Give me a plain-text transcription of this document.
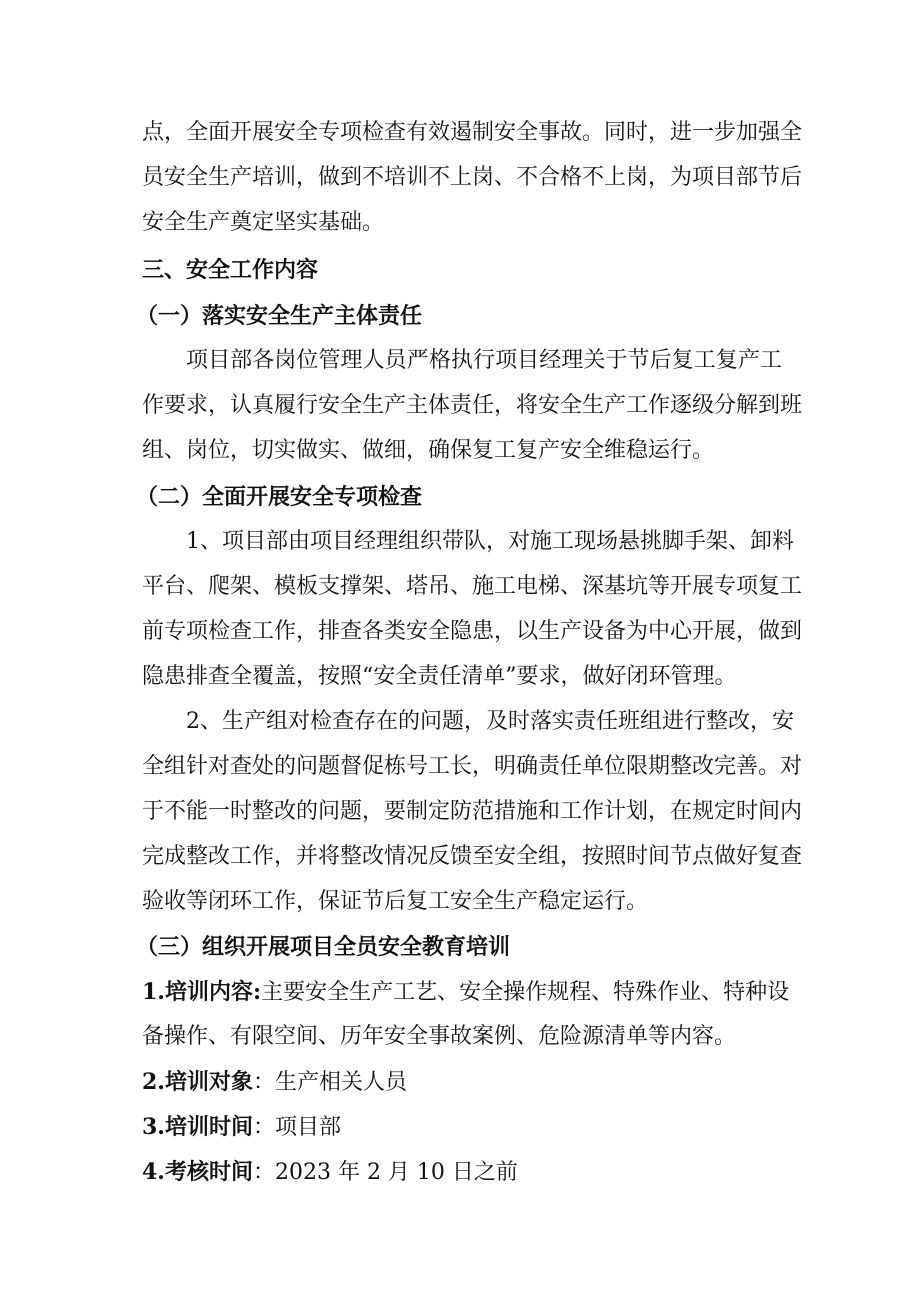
点，全面开展安全专项检查有效遏制安全事故。同时，进一步加强全
员安全生产培训，做到不培训不上岗、不合格不上岗，为项目部节后
安全生产奠定坚实基础。
三、安全工作内容
（一）落实安全生产主体责任
项目部各岗位管理人员严格执行项目经理关于节后复工复产工
作要求，认真履行安全生产主体责任，将安全生产工作逐级分解到班
组、岗位，切实做实、做细，确保复工复产安全维稳运行。
（二）全面开展安全专项检查
1、项目部由项目经理组织带队，对施工现场悬挑脚手架、卸料
平台、爬架、模板支撑架、塔吊、施工电梯、深基坑等开展专项复工
前专项检查工作，排查各类安全隐患，以生产设备为中心开展，做到
隐患排查全覆盖，按照“安全责任清单”要求，做好闭环管理。
2、生产组对检查存在的问题，及时落实责任班组进行整改，安
全组针对查处的问题督促栋号工长，明确责任单位限期整改完善。对
于不能一时整改的问题，要制定防范措施和工作计划，在规定时间内
完成整改工作，并将整改情况反馈至安全组，按照时间节点做好复查
验收等闭环工作，保证节后复工安全生产稳定运行。
（三）组织开展项目全员安全教育培训
1.培训内容:主要安全生产工艺、安全操作规程、特殊作业、特种设
备操作、有限空间、历年安全事故案例、危险源清单等内容。
2.培训对象：生产相关人员
3.培训时间：项目部
4.考核时间：2023 年 2 月 10 日之前
